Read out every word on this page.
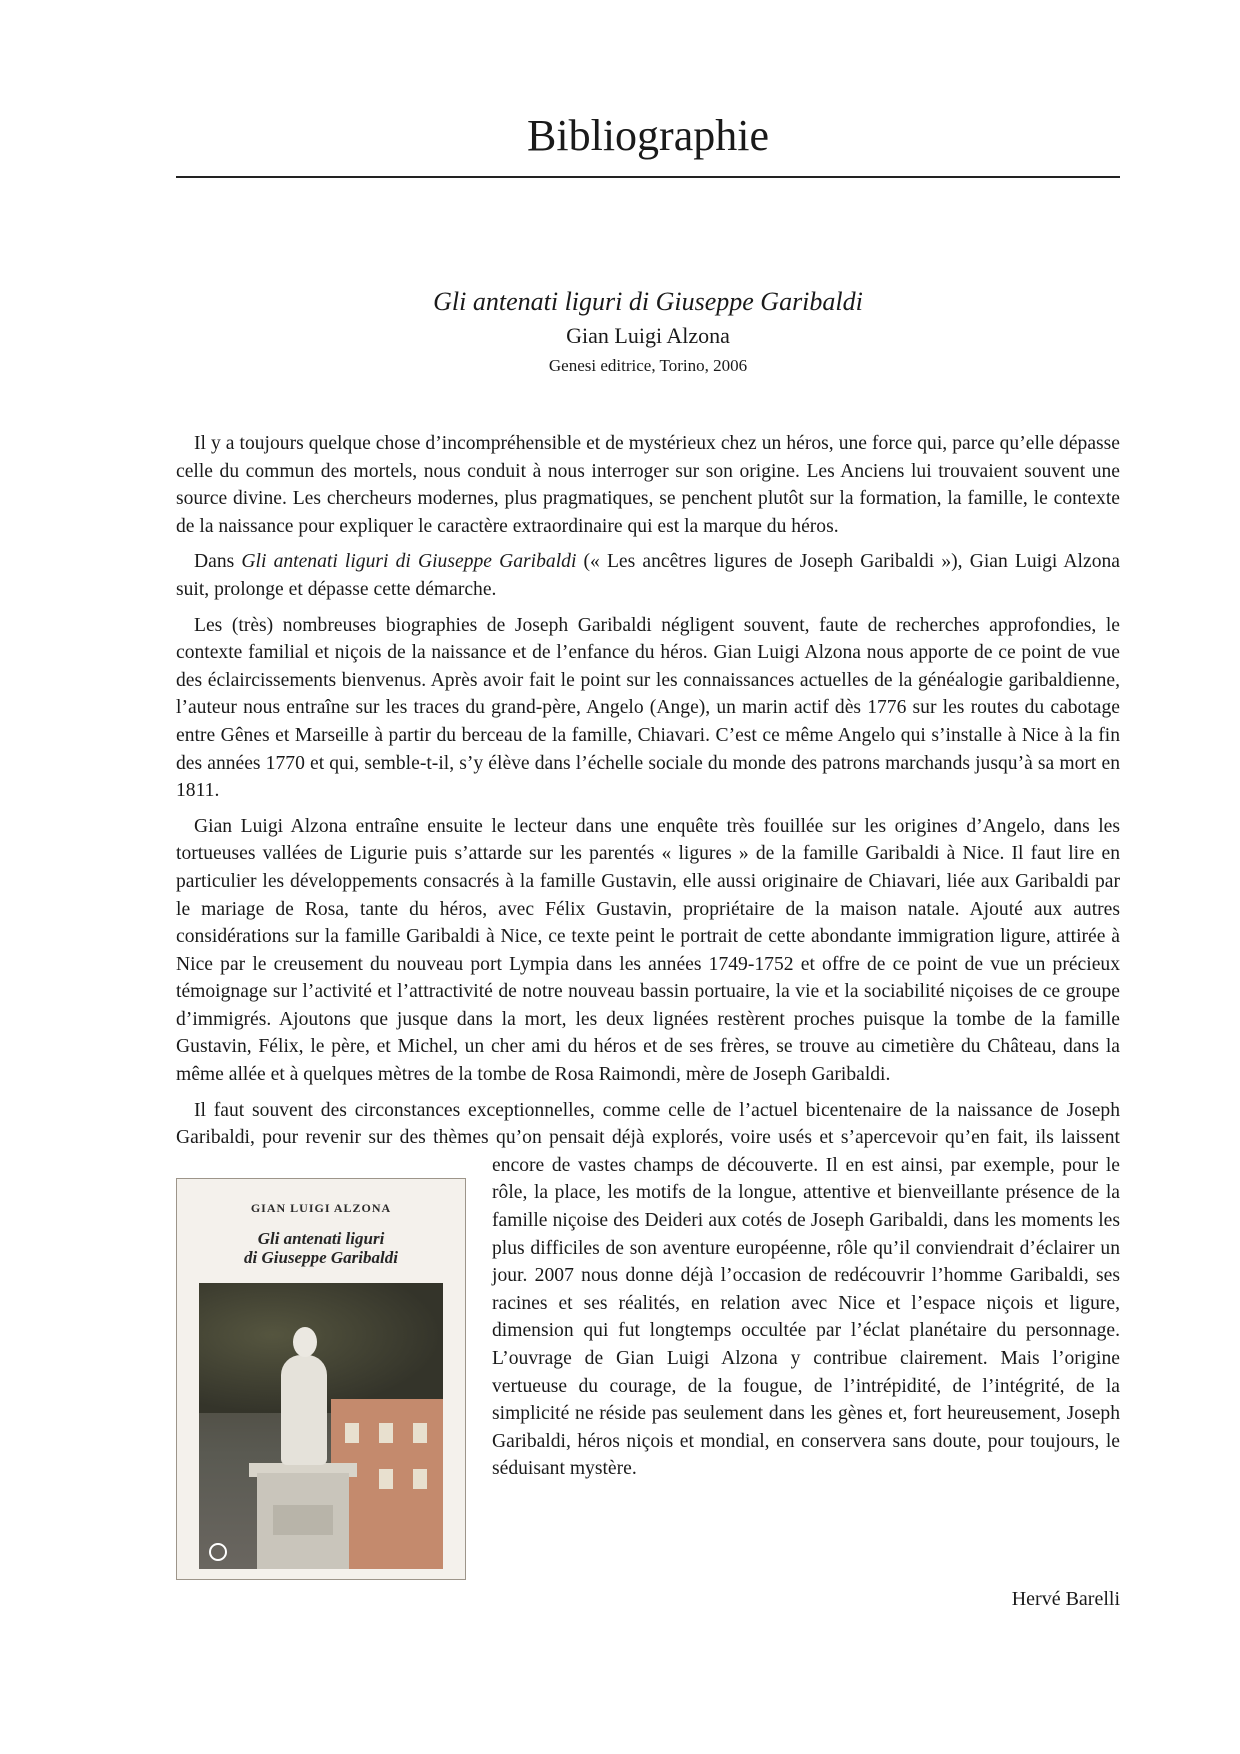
Bibliographie
Gli antenati liguri di Giuseppe Garibaldi
Gian Luigi Alzona
Genesi editrice, Torino, 2006

Il y a toujours quelque chose d’incompréhensible et de mystérieux chez un héros, une force qui, parce qu’elle dépasse celle du commun des mortels, nous conduit à nous interroger sur son origine. Les Anciens lui trouvaient souvent une source divine. Les chercheurs modernes, plus pragmatiques, se penchent plutôt sur la formation, la famille, le contexte de la naissance pour expliquer le caractère extraordinaire qui est la marque du héros.

Dans Gli antenati liguri di Giuseppe Garibaldi (« Les ancêtres ligures de Joseph Garibaldi »), Gian Luigi Alzona suit, prolonge et dépasse cette démarche.

Les (très) nombreuses biographies de Joseph Garibaldi négligent souvent, faute de recherches approfondies, le contexte familial et niçois de la naissance et de l’enfance du héros. Gian Luigi Alzona nous apporte de ce point de vue des éclaircissements bienvenus. Après avoir fait le point sur les connaissances actuelles de la généalogie garibaldienne, l’auteur nous entraîne sur les traces du grand-père, Angelo (Ange), un marin actif dès 1776 sur les routes du cabotage entre Gênes et Marseille à partir du berceau de la famille, Chiavari. C’est ce même Angelo qui s’installe à Nice à la fin des années 1770 et qui, semble-t-il, s’y élève dans l’échelle sociale du monde des patrons marchands jusqu’à sa mort en 1811.

Gian Luigi Alzona entraîne ensuite le lecteur dans une enquête très fouillée sur les origines d’Angelo, dans les tortueuses vallées de Ligurie puis s’attarde sur les parentés « ligures » de la famille Garibaldi à Nice. Il faut lire en particulier les développements consacrés à la famille Gustavin, elle aussi originaire de Chiavari, liée aux Garibaldi par le mariage de Rosa, tante du héros, avec Félix Gustavin, propriétaire de la maison natale. Ajouté aux autres considérations sur la famille Garibaldi à Nice, ce texte peint le portrait de cette abondante immigration ligure, attirée à Nice par le creusement du nouveau port Lympia dans les années 1749-1752 et offre de ce point de vue un précieux témoignage sur l’activité et l’attractivité de notre nouveau bassin portuaire, la vie et la sociabilité niçoises de ce groupe d’immigrés. Ajoutons que jusque dans la mort, les deux lignées restèrent proches puisque la tombe de la famille Gustavin, Félix, le père, et Michel, un cher ami du héros et de ses frères, se trouve au cimetière du Château, dans la même allée et à quelques mètres de la tombe de Rosa Raimondi, mère de Joseph Garibaldi.

Il faut souvent des circonstances exceptionnelles, comme celle de l’actuel bicentenaire de la naissance de Joseph Garibaldi, pour revenir sur des thèmes qu’on pensait déjà explorés, voire usés et s’apercevoir
GIAN LUIGI ALZONA
Gli antenati liguri
di Giuseppe Garibaldi
qu’en fait, ils laissent encore de vastes champs de découverte. Il en est ainsi, par exemple, pour le rôle, la place, les motifs de la longue, attentive et bienveillante présence de la famille niçoise des Deideri aux cotés de Joseph Garibaldi, dans les moments les plus difficiles de son aventure européenne, rôle qu’il conviendrait d’éclairer un jour. 2007 nous donne déjà l’occasion de redécouvrir l’homme Garibaldi, ses racines et ses réalités, en relation avec Nice et l’espace niçois et ligure, dimension qui fut longtemps occultée par l’éclat planétaire du personnage. L’ouvrage de Gian Luigi Alzona y contribue clairement. Mais l’origine vertueuse du courage, de la fougue, de l’intrépidité, de l’intégrité, de la simplicité ne réside pas seulement dans les gènes et, fort heureusement, Joseph Garibaldi, héros niçois et mondial, en conservera sans doute, pour toujours, le séduisant mystère.

Hervé Barelli
